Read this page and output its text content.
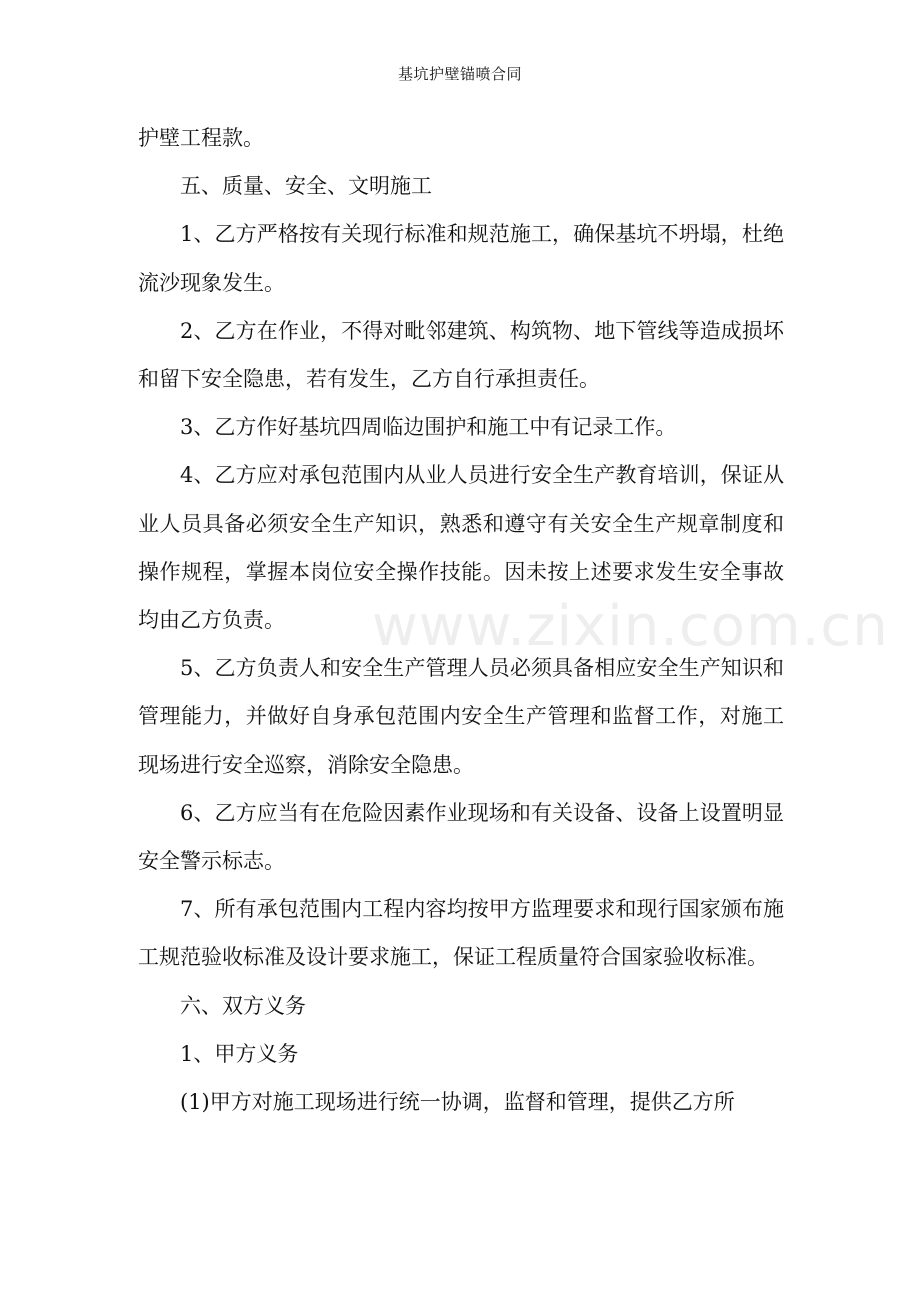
基坑护壁锚喷合同
www.zixin.com.cn

护壁工程款。

五、质量、安全、文明施工

1、乙方严格按有关现行标准和规范施工，确保基坑不坍塌，杜绝流沙现象发生。

2、乙方在作业，不得对毗邻建筑、构筑物、地下管线等造成损坏和留下安全隐患，若有发生，乙方自行承担责任。

3、乙方作好基坑四周临边围护和施工中有记录工作。

4、乙方应对承包范围内从业人员进行安全生产教育培训，保证从业人员具备必须安全生产知识，熟悉和遵守有关安全生产规章制度和操作规程，掌握本岗位安全操作技能。因未按上述要求发生安全事故均由乙方负责。

5、乙方负责人和安全生产管理人员必须具备相应安全生产知识和管理能力，并做好自身承包范围内安全生产管理和监督工作，对施工现场进行安全巡察，消除安全隐患。

6、乙方应当有在危险因素作业现场和有关设备、设备上设置明显安全警示标志。

7、所有承包范围内工程内容均按甲方监理要求和现行国家颁布施工规范验收标准及设计要求施工，保证工程质量符合国家验收标准。

六、双方义务

1、甲方义务

(1)甲方对施工现场进行统一协调，监督和管理，提供乙方所
